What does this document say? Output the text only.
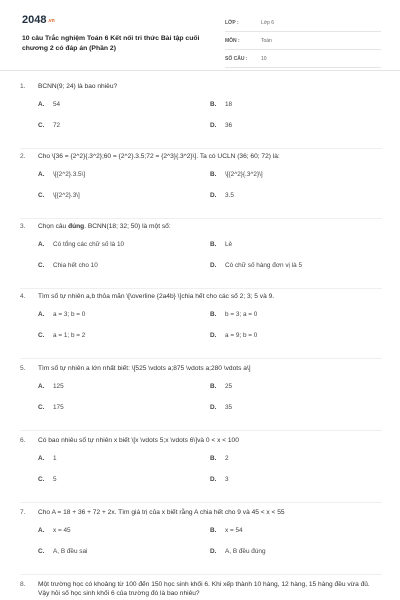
2048.vn
10 câu Trắc nghiệm Toán 6 Kết nối tri thức Bài tập cuối chương 2 có đáp án (Phần 2)
LỚP :	Lớp 6
MÔN :	Toán
SỐ CÂU :	10
1.	BCNN(9; 24) là bao nhiêu?
A.	54	B.	18
C.	72	D.	36
2.	Cho \[36 = {2^2}{.3^2};60 = {2^2}.3.5;72 = {2^3}{.3^2}\]. Ta có UCLN (36; 60; 72) là:
A.	\[{2^2}.3.5\]	B.	\[{2^2}{.3^2}\]
C.	\[{2^2}.3\]	D.	3.5
3.	Chọn câu đúng. BCNN(18; 32; 50) là một số:
A.	Có tổng các chữ số là 10	B.	Lẻ
C.	Chia hết cho 10	D.	Có chữ số hàng đơn vị là 5
4.	Tìm số tự nhiên a,b thỏa mãn \[\overline {2a4b} \]chia hết cho các số 2; 3; 5 và 9.
A.	a = 3; b = 0	B.	b = 3; a = 0
C.	a = 1; b = 2	D.	a = 9; b = 0
5.	Tìm số tự nhiên a lớn nhất biết: \[525 \vdots a;875 \vdots a;280 \vdots a\]
A.	125	B.	25
C.	175	D.	35
6.	Có bao nhiêu số tự nhiên x biết \[x \vdots 5;x \vdots 6\]và 0 < x < 100
A.	1	B.	2
C.	5	D.	3
7.	Cho A = 18 + 36 + 72 + 2x. Tìm giá trị của x biết rằng A chia hết cho 9 và 45 < x < 55
A.	x = 45	B.	x = 54
C.	A, B đều sai	D.	A, B đều đúng
8.	Một trường học có khoảng từ 100 đến 150 học sinh khối 6. Khi xếp thành 10 hàng, 12 hàng, 15 hàng đều vừa đủ. Vậy hỏi số học sinh khối 6 của trường đó là bao nhiêu?
